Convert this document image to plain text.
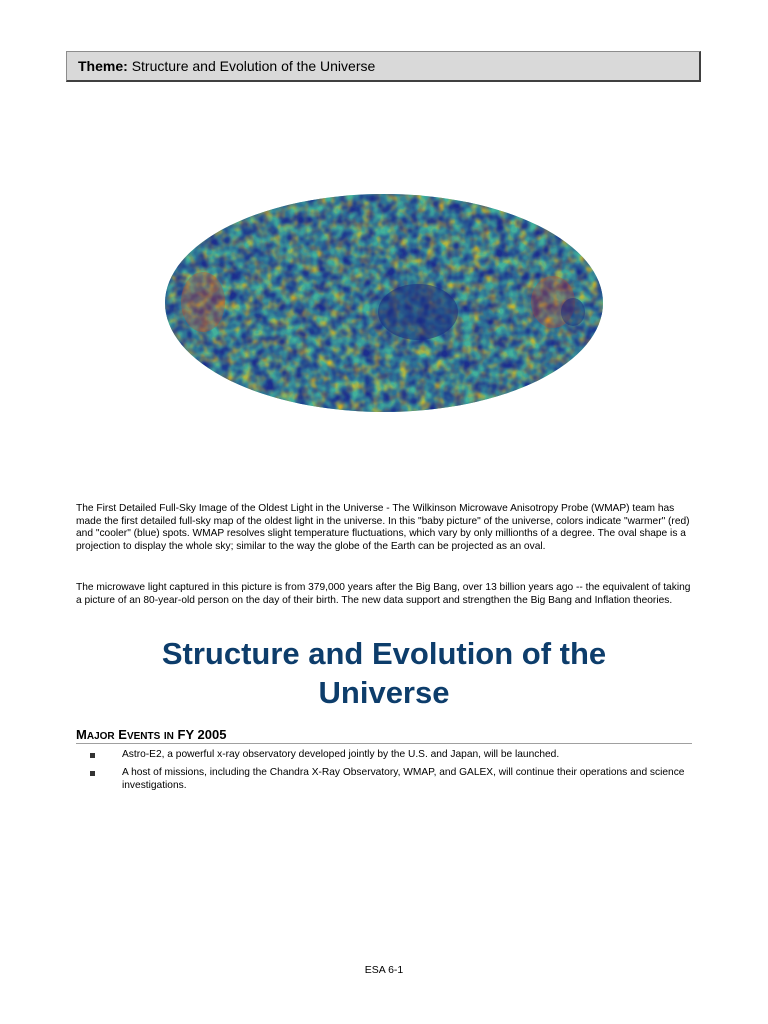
Theme: Structure and Evolution of the Universe

The First Detailed Full-Sky Image of the Oldest Light in the Universe - The Wilkinson Microwave Anisotropy Probe (WMAP) team has made the first detailed full-sky map of the oldest light in the universe. In this "baby picture" of the universe, colors indicate "warmer" (red) and "cooler" (blue) spots. WMAP resolves slight temperature fluctuations, which vary by only millionths of a degree. The oval shape is a projection to display the whole sky; similar to the way the globe of the Earth can be projected as an oval.

The microwave light captured in this picture is from 379,000 years after the Big Bang, over 13 billion years ago -- the equivalent of taking a picture of an 80-year-old person on the day of their birth. The new data support and strengthen the Big Bang and Inflation theories.

Structure and Evolution of the
Universe
MAJOR EVENTS IN FY 2005
Astro-E2, a powerful x-ray observatory developed jointly by the U.S. and Japan, will be launched.
A host of missions, including the Chandra X-Ray Observatory, WMAP, and GALEX, will continue their operations and science investigations.
ESA 6-1
